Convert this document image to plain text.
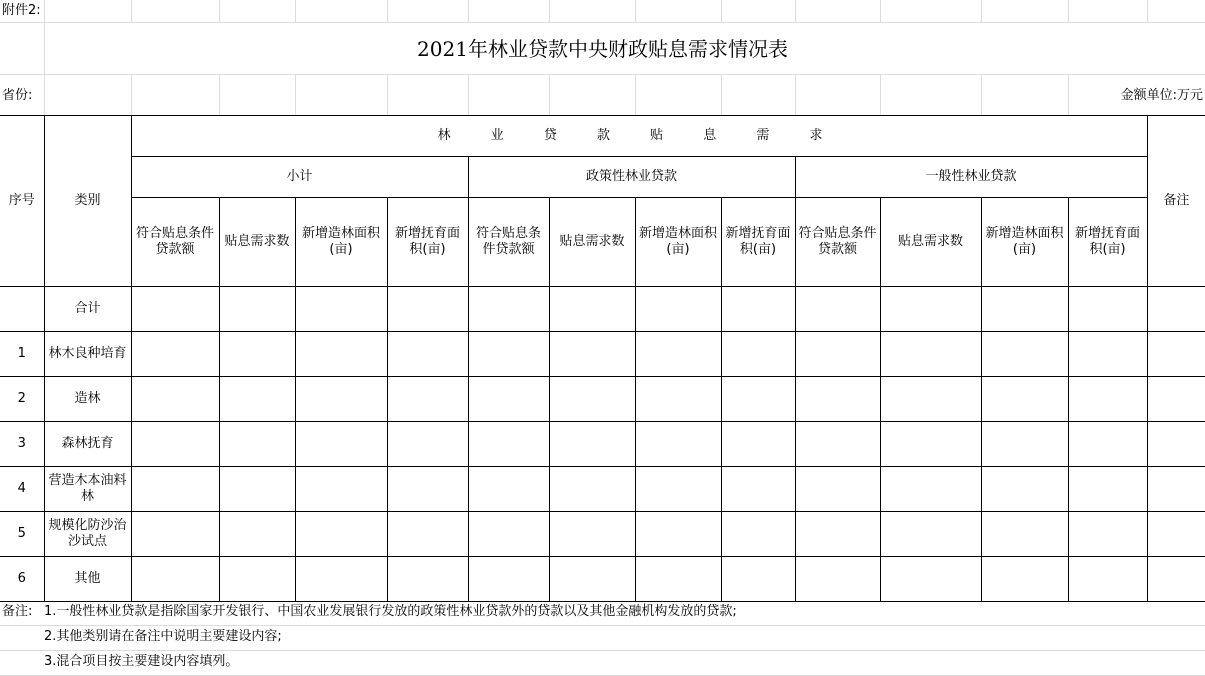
附件2:
2021年林业贷款中央财政贴息需求情况表
省份:	金额单位:万元
序号	类别	林 业 贷 款 贴 息 需 求												备注
		小计				政策性林业贷款				一般性林业贷款				
		符合贴息条件贷款额	贴息需求数	新增造林面积(亩)	新增抚育面积(亩)	符合贴息条件贷款额	贴息需求数	新增造林面积(亩)	新增抚育面积(亩)	符合贴息条件贷款额	贴息需求数	新增造林面积(亩)	新增抚育面积(亩)	
	合计													
1	林木良种培育													
2	造林													
3	森林抚育													
4	营造木本油料林													
5	规模化防沙治沙试点													
6	其他													
备注: 1.一般性林业贷款是指除国家开发银行、中国农业发展银行发放的政策性林业贷款外的贷款以及其他金融机构发放的贷款;
2.其他类别请在备注中说明主要建设内容;
3.混合项目按主要建设内容填列。
